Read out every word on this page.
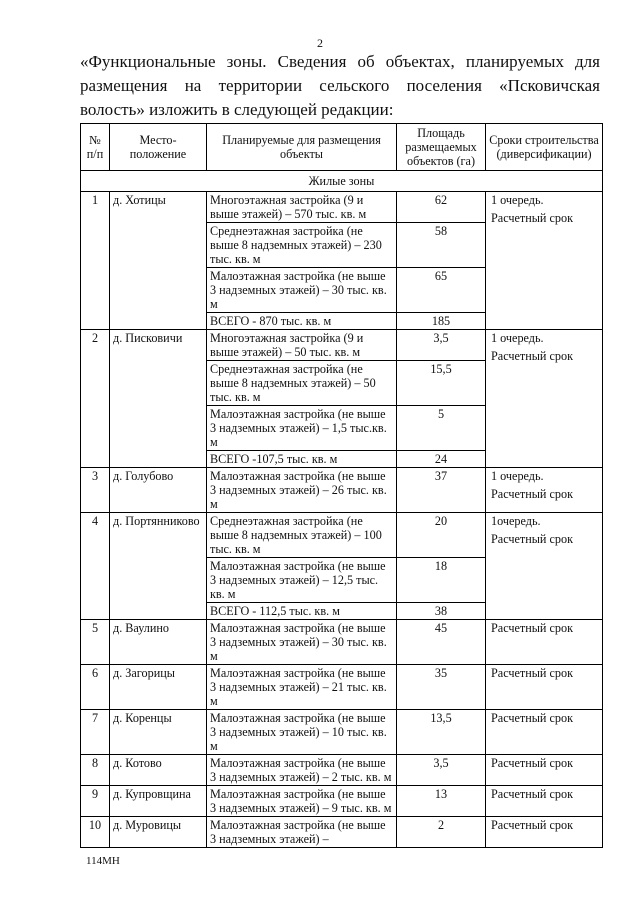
2
«Функциональные зоны. Сведения об объектах, планируемых для размещения на территории сельского поселения «Псковичская волость» изложить в следующей редакции:
№ п/п	Место-положение	Планируемые для размещения объекты	Площадь размещаемых объектов (га)	Сроки строительства (диверсификации)
Жилые зоны				
1	д. Хотицы	Многоэтажная застройка (9 и выше этажей) – 570 тыс. кв. м	62	1 очередь.
Расчетный срок

		Среднеэтажная застройка (не выше 8 надземных этажей) – 230 тыс. кв. м	58	
		Малоэтажная застройка (не выше 3 надземных этажей) – 30 тыс. кв. м	65	
		ВСЕГО - 870 тыс. кв. м	185	
2	д. Писковичи	Многоэтажная застройка (9 и выше этажей) – 50 тыс. кв. м	3,5	1 очередь.
Расчетный срок

		Среднеэтажная застройка (не выше 8 надземных этажей) – 50 тыс. кв. м	15,5	
		Малоэтажная застройка (не выше 3 надземных этажей) – 1,5 тыс.кв. м	5	
		ВСЕГО -107,5 тыс. кв. м	24	
3	д. Голубово	Малоэтажная застройка (не выше 3 надземных этажей) – 26 тыс. кв. м	37	1 очередь.
Расчетный срок

4	д. Портянниково	Среднеэтажная застройка (не выше 8 надземных этажей) – 100 тыс. кв. м	20	1очередь.
Расчетный срок

		Малоэтажная застройка (не выше 3 надземных этажей) – 12,5 тыс. кв. м	18	
		ВСЕГО - 112,5 тыс. кв. м	38	
5	д. Ваулино	Малоэтажная застройка (не выше 3 надземных этажей) – 30 тыс. кв. м	45	Расчетный срок

6	д. Загорицы	Малоэтажная застройка (не выше 3 надземных этажей) – 21 тыс. кв. м	35	Расчетный срок

7	д. Коренцы	Малоэтажная застройка (не выше 3 надземных этажей) – 10 тыс. кв. м	13,5	Расчетный срок

8	д. Котово	Малоэтажная застройка (не выше 3 надземных этажей) – 2 тыс. кв. м	3,5	Расчетный срок

9	д. Купровщина	Малоэтажная застройка (не выше 3 надземных этажей) – 9 тыс. кв. м	13	Расчетный срок

10	д. Муровицы	Малоэтажная застройка (не выше 3 надземных этажей) –	2	Расчетный срок
114МН
